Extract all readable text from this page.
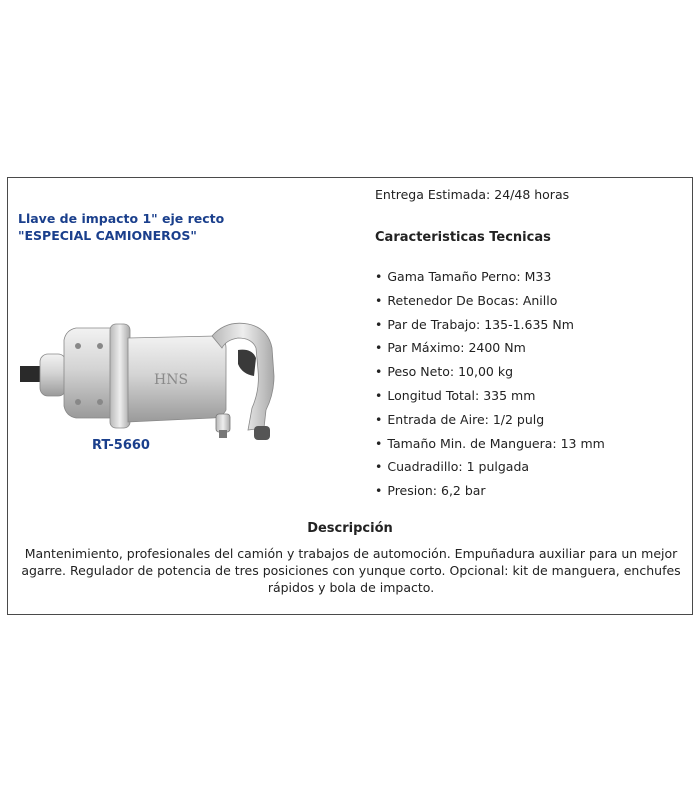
Llave de impacto 1" eje recto "ESPECIAL CAMIONEROS"
HNS
RT-5660
Entrega Estimada: 24/48 horas
Caracteristicas Tecnicas
• Gama Tamaño Perno: M33
• Retenedor De Bocas: Anillo
• Par de Trabajo: 135-1.635 Nm
• Par Máximo: 2400 Nm
• Peso Neto: 10,00 kg
• Longitud Total: 335 mm
• Entrada de Aire: 1/2 pulg
• Tamaño Min. de Manguera: 13 mm
• Cuadradillo: 1 pulgada
• Presion: 6,2 bar
Descripción
Mantenimiento, profesionales del camión y trabajos de automoción. Empuñadura auxiliar para un mejor agarre. Regulador de potencia de tres posiciones con yunque corto. Opcional: kit de manguera, enchufes rápidos y bola de impacto.
